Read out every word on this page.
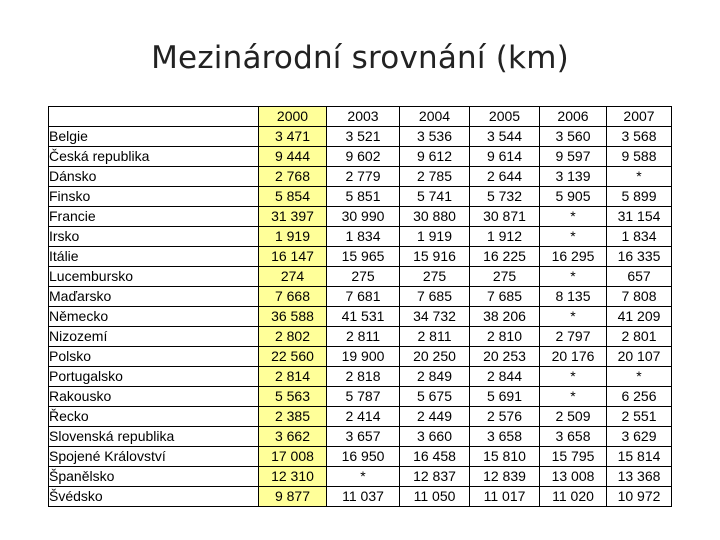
Mezinárodní srovnání (km)
	2000	2003	2004	2005	2006	2007
Belgie	3 471	3 521	3 536	3 544	3 560	3 568
Česká republika	9 444	9 602	9 612	9 614	9 597	9 588
Dánsko	2 768	2 779	2 785	2 644	3 139	*
Finsko	5 854	5 851	5 741	5 732	5 905	5 899
Francie	31 397	30 990	30 880	30 871	*	31 154
Irsko	1 919	1 834	1 919	1 912	*	1 834
Itálie	16 147	15 965	15 916	16 225	16 295	16 335
Lucembursko	274	275	275	275	*	657
Maďarsko	7 668	7 681	7 685	7 685	8 135	7 808
Německo	36 588	41 531	34 732	38 206	*	41 209
Nizozemí	2 802	2 811	2 811	2 810	2 797	2 801
Polsko	22 560	19 900	20 250	20 253	20 176	20 107
Portugalsko	2 814	2 818	2 849	2 844	*	*
Rakousko	5 563	5 787	5 675	5 691	*	6 256
Řecko	2 385	2 414	2 449	2 576	2 509	2 551
Slovenská republika	3 662	3 657	3 660	3 658	3 658	3 629
Spojené Království	17 008	16 950	16 458	15 810	15 795	15 814
Španělsko	12 310	*	12 837	12 839	13 008	13 368
Švédsko	9 877	11 037	11 050	11 017	11 020	10 972
